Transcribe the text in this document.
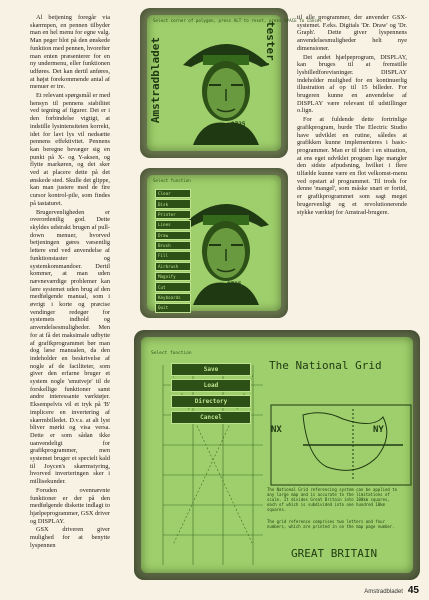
Al betjening foregår via skærmpen, en pennen tilbyder man en hel menu for egne valg. Man peger blot på den ønskede funktion med pennen, hvorefter man enten præsenterer for en ny undermenu, eller funktionen udføres. Det kan dertil anføres, at højst forekommende antal af menuer er tre.

Et relevant spørgsmål er med hensyn til pennens stabilitet ved tegning af figurer. Det er i den forbindelse vigtigt, at indstille lysintensiteten korrekt, idet for lavt lys vil nedsætte pennens effektivitet. Pennens kan beregne bevæger sig en punkt på X- og Y-aksen, og flytte markøren, og det sker ved at placere dette på det ønskede sted. Skulle det glippe, kan man justere med de fire cursor kontrol-pile, som findes på tastaturet.

Brugervenligheden er overordentlig god. Dette skyldes udstrakt brugen af pull-down menuer, hvorved betjeningen gøres væsentlig lettere end ved anvendelse af funktionstaster og systemkommandoer. Dertil kommer, at man uden nævneværdige problemer kan lære systemet uden brug af den medfølgende manual, som i øvrigt i korte og præcise vendinger redegør for systemets indhold og anvendelsesmuligheder. Men for at få det maksimale udbytte af grafikprogrammet bør man dog læse manualen, da den indeholder en beskrivelse af nogle af de faciliteter, som giver den erfarne bruger et system nogle 'smutveje' til de forskellige funktioner samt andre interessante værktøjer. Eksempelvis vil et tryk på 'B' implicere en invertering af skærmbilledet. D.v.s. at alt lyst bliver mørkt og visa versa. Dette er som sådan ikke uanvendeligt for grafikprogrammer, men systemet bruger et specielt kald til Joycen's skærmstyring, hvorved inverteringen sker i millisekunder.

Foruden ovennævnte funktioner er der på den medfølgende diskette indlagt to hjælpeprogrammer, GSX driver og DISPLAY.

GSX driveren giver mulighed for at benytte lyspennen

Select corner of polygon, press ALT to reset, press SPACE to cancel
Amstradbladet	tester.
9725
Select function
Clear
Disk
Printer
Lines
Draw
Brush
Fill
Airbrush
Magnify
Cut
Keyboards
Quit
9725

til alle programmer, der anvender GSX-systemet. F.eks. Digitals 'Dr. Draw' og 'Dr. Graph'. Dette giver lyspennens anvendelsesmuligheder helt nye dimensioner.

Det andet hjælpeprogram, DISPLAY, kan bruges til at fremstille lysbilledforevisninger. DISPLAY indeholder mulighed for en kontinuerlig illustration af op til 15 billeder. For brugeren kunne en anvendelse af DISPLAY være relevant til udstillinger o.lign.

For at fuldende dette fortrinlige grafikprogram, burde The Electric Studio have udviklet en rutine, således at grafikken kunne implementeres i basic-programmer. Man er til tider i en situation, at ens eget udviklet program lige mangler den sidste afpudsning, hvilket i flere tilfælde kunne være en flot velkomst-menu ved opstart af programmet. Til trods for denne 'mangel', som måske snart er fortid, er grafikprogrammet som sagt meget brugervenligt og et revolutionerende stykke værktøj for Amstrad-brugere.

Select function
Save
Load
Directory
Cancel
The National Grid
NX	NY
The National Grid referencing system can be applied to any large map and is accurate to the limitations of scale. It divides Great Britain into 100km squares, each of which is subdivided into one hundred 10km squares.
The grid reference comprises two letters and four numbers, which are printed in on the map page number.
GREAT BRITAIN
Amstradbladet 45
